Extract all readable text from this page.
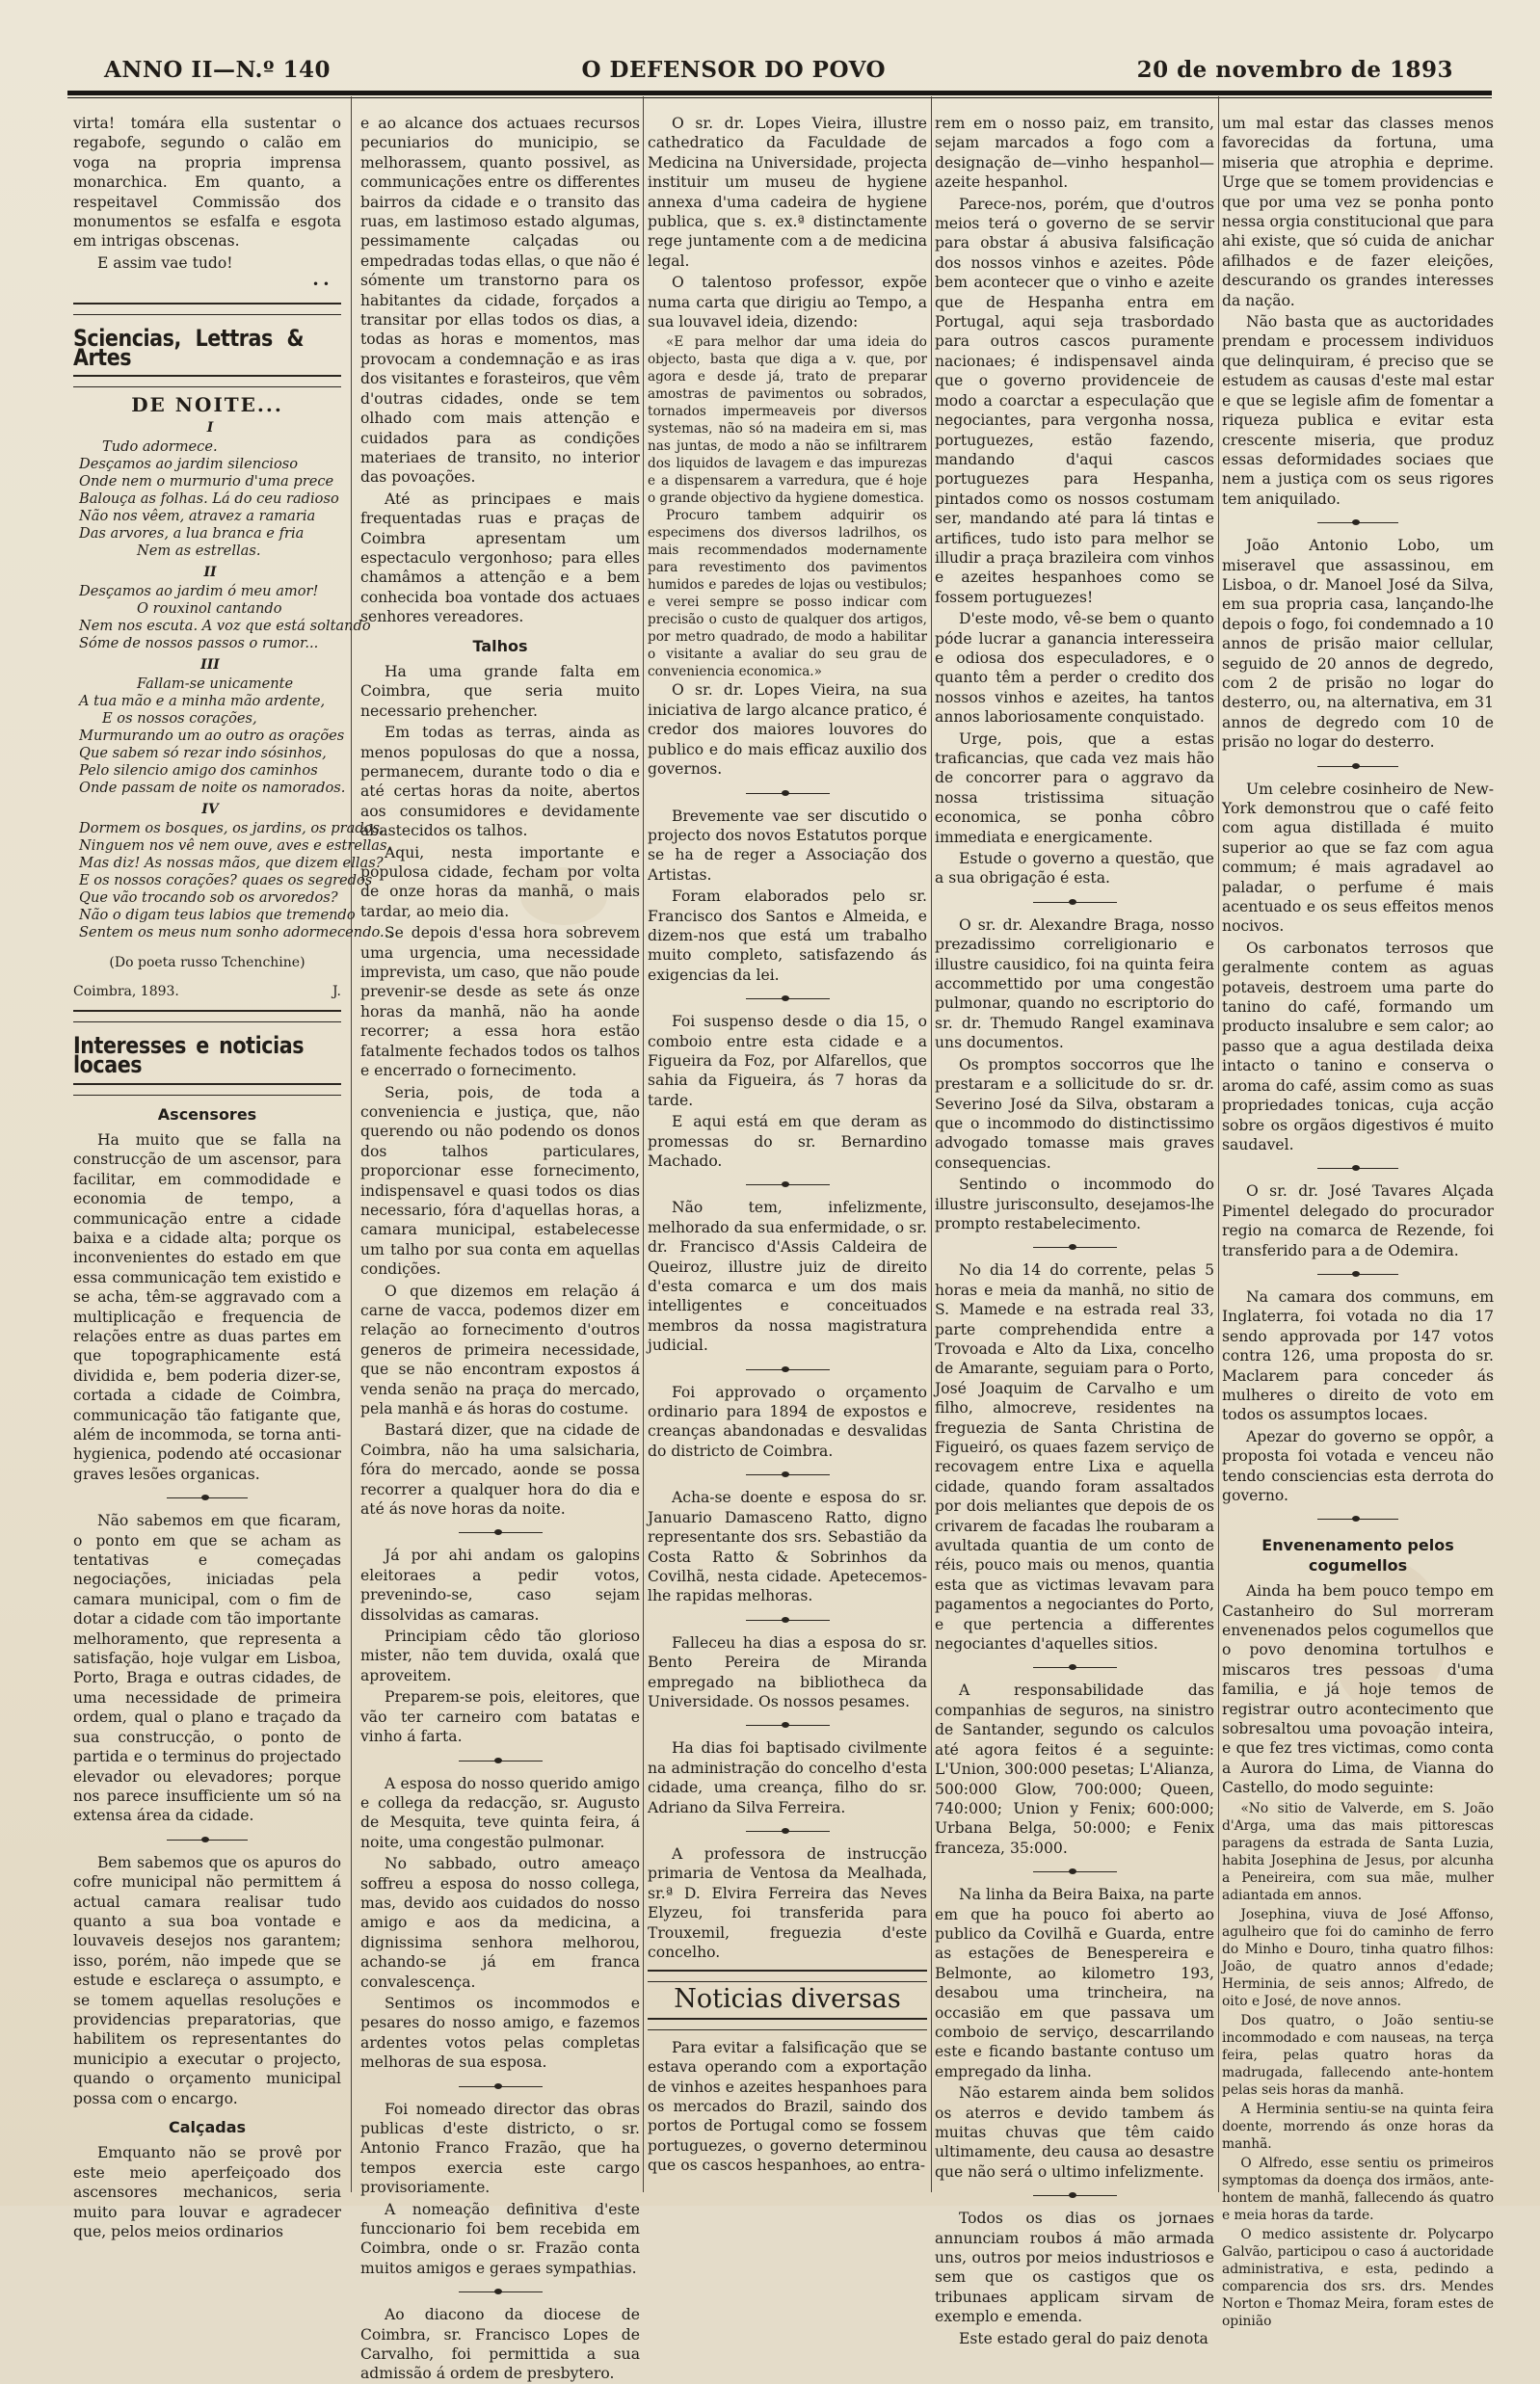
ANNO II—N.º 140	O DEFENSOR DO POVO	20 de novembro de 1893

virta! tomára ella sustentar o regabofe, segundo o calão em voga na propria imprensa monarchica. Em quanto, a respeitavel Commissão dos monumentos se esfalfa e esgota em intrigas obscenas.

E assim vae tudo!

• •
Sciencias, Lettras & Artes
DE NOITE...
I
Tudo adormece.
Desçamos ao jardim silencioso
Onde nem o murmurio d'uma prece
Balouça as folhas. Lá do ceu radioso
Não nos vêem, atravez a ramaria
Das arvores, a lua branca e fria
Nem as estrellas.
II
Desçamos ao jardim ó meu amor!
O rouxinol cantando
Nem nos escuta. A voz que está soltando
Sóme de nossos passos o rumor...
III
Fallam-se unicamente
A tua mão e a minha mão ardente,
E os nossos corações,
Murmurando um ao outro as orações
Que sabem só rezar indo sósinhos,
Pelo silencio amigo dos caminhos
Onde passam de noite os namorados.
IV
Dormem os bosques, os jardins, os prados,
Ninguem nos vê nem ouve, aves e estrellas,
Mas diz! As nossas mãos, que dizem ellas?
E os nossos corações? quaes os segredos
Que vão trocando sob os arvoredos?
Não o digam teus labios que tremendo
Sentem os meus num sonho adormecendo...
(Do poeta russo Tchenchine)
Coimbra, 1893.	J.
Interesses e noticias locaes
Ascensores

Ha muito que se falla na construcção de um ascensor, para facilitar, em commodidade e economia de tempo, a communicação entre a cidade baixa e a cidade alta; porque os inconvenientes do estado em que essa communicação tem existido e se acha, têm-se aggravado com a multiplicação e frequencia de relações entre as duas partes em que topographicamente está dividida e, bem poderia dizer-se, cortada a cidade de Coimbra, communicação tão fatigante que, além de incommoda, se torna anti-hygienica, podendo até occasionar graves lesões organicas.

Não sabemos em que ficaram, o ponto em que se acham as tentativas e começadas negociações, iniciadas pela camara municipal, com o fim de dotar a cidade com tão importante melhoramento, que representa a satisfação, hoje vulgar em Lisboa, Porto, Braga e outras cidades, de uma necessidade de primeira ordem, qual o plano e traçado da sua construcção, o ponto de partida e o terminus do projectado elevador ou elevadores; porque nos parece insufficiente um só na extensa área da cidade.

Bem sabemos que os apuros do cofre municipal não permittem á actual camara realisar tudo quanto a sua boa vontade e louvaveis desejos nos garantem; isso, porém, não impede que se estude e esclareça o assumpto, e se tomem aquellas resoluções e providencias preparatorias, que habilitem os representantes do municipio a executar o projecto, quando o orçamento municipal possa com o encargo.

Calçadas

Emquanto não se provê por este meio aperfeiçoado dos ascensores mechanicos, seria muito para louvar e agradecer que, pelos meios ordinarios

e ao alcance dos actuaes recursos pecuniarios do municipio, se melhorassem, quanto possivel, as communicações entre os differentes bairros da cidade e o transito das ruas, em lastimoso estado algumas, pessimamente calçadas ou empedradas todas ellas, o que não é sómente um transtorno para os habitantes da cidade, forçados a transitar por ellas todos os dias, a todas as horas e momentos, mas provocam a condemnação e as iras dos visitantes e forasteiros, que vêm d'outras cidades, onde se tem olhado com mais attenção e cuidados para as condições materiaes de transito, no interior das povoações.

Até as principaes e mais frequentadas ruas e praças de Coimbra apresentam um espectaculo vergonhoso; para elles chamâmos a attenção e a bem conhecida boa vontade dos actuaes senhores vereadores.

Talhos

Ha uma grande falta em Coimbra, que seria muito necessario prehencher.

Em todas as terras, ainda as menos populosas do que a nossa, permanecem, durante todo o dia e até certas horas da noite, abertos aos consumidores e devidamente abastecidos os talhos.

Aqui, nesta importante e populosa cidade, fecham por volta de onze horas da manhã, o mais tardar, ao meio dia.

Se depois d'essa hora sobrevem uma urgencia, uma necessidade imprevista, um caso, que não poude prevenir-se desde as sete ás onze horas da manhã, não ha aonde recorrer; a essa hora estão fatalmente fechados todos os talhos e encerrado o fornecimento.

Seria, pois, de toda a conveniencia e justiça, que, não querendo ou não podendo os donos dos talhos particulares, proporcionar esse fornecimento, indispensavel e quasi todos os dias necessario, fóra d'aquellas horas, a camara municipal, estabelecesse um talho por sua conta em aquellas condições.

O que dizemos em relação á carne de vacca, podemos dizer em relação ao fornecimento d'outros generos de primeira necessidade, que se não encontram expostos á venda senão na praça do mercado, pela manhã e ás horas do costume.

Bastará dizer, que na cidade de Coimbra, não ha uma salsicharia, fóra do mercado, aonde se possa recorrer a qualquer hora do dia e até ás nove horas da noite.

Já por ahi andam os galopins eleitoraes a pedir votos, prevenindo-se, caso sejam dissolvidas as camaras.

Principiam cêdo tão glorioso mister, não tem duvida, oxalá que aproveitem.

Preparem-se pois, eleitores, que vão ter carneiro com batatas e vinho á farta.

A esposa do nosso querido amigo e collega da redacção, sr. Augusto de Mesquita, teve quinta feira, á noite, uma congestão pulmonar.

No sabbado, outro ameaço soffreu a esposa do nosso collega, mas, devido aos cuidados do nosso amigo e aos da medicina, a dignissima senhora melhorou, achando-se já em franca convalescença.

Sentimos os incommodos e pesares do nosso amigo, e fazemos ardentes votos pelas completas melhoras de sua esposa.

Foi nomeado director das obras publicas d'este districto, o sr. Antonio Franco Frazão, que ha tempos exercia este cargo provisoriamente.

A nomeação definitiva d'este funccionario foi bem recebida em Coimbra, onde o sr. Frazão conta muitos amigos e geraes sympathias.

Ao diacono da diocese de Coimbra, sr. Francisco Lopes de Carvalho, foi permittida a sua admissão á ordem de presbytero.

O sr. dr. Lopes Vieira, illustre cathedratico da Faculdade de Medicina na Universidade, projecta instituir um museu de hygiene annexa d'uma cadeira de hygiene publica, que s. ex.ª distinctamente rege juntamente com a de medicina legal.

O talentoso professor, expõe numa carta que dirigiu ao Tempo, a sua louvavel ideia, dizendo:

«E para melhor dar uma ideia do objecto, basta que diga a v. que, por agora e desde já, trato de preparar amostras de pavimentos ou sobrados, tornados impermeaveis por diversos systemas, não só na madeira em si, mas nas juntas, de modo a não se infiltrarem dos liquidos de lavagem e das impurezas e a dispensarem a varredura, que é hoje o grande objectivo da hygiene domestica.

Procuro tambem adquirir os especimens dos diversos ladrilhos, os mais recommendados modernamente para revestimento dos pavimentos humidos e paredes de lojas ou vestibulos; e verei sempre se posso indicar com precisão o custo de qualquer dos artigos, por metro quadrado, de modo a habilitar o visitante a avaliar do seu grau de conveniencia economica.»

O sr. dr. Lopes Vieira, na sua iniciativa de largo alcance pratico, é credor dos maiores louvores do publico e do mais efficaz auxilio dos governos.

Brevemente vae ser discutido o projecto dos novos Estatutos porque se ha de reger a Associação dos Artistas.

Foram elaborados pelo sr. Francisco dos Santos e Almeida, e dizem-nos que está um trabalho muito completo, satisfazendo ás exigencias da lei.

Foi suspenso desde o dia 15, o comboio entre esta cidade e a Figueira da Foz, por Alfarellos, que sahia da Figueira, ás 7 horas da tarde.

E aqui está em que deram as promessas do sr. Bernardino Machado.

Não tem, infelizmente, melhorado da sua enfermidade, o sr. dr. Francisco d'Assis Caldeira de Queiroz, illustre juiz de direito d'esta comarca e um dos mais intelligentes e conceituados membros da nossa magistratura judicial.

Foi approvado o orçamento ordinario para 1894 de expostos e creanças abandonadas e desvalidas do districto de Coimbra.

Acha-se doente e esposa do sr. Januario Damasceno Ratto, digno representante dos srs. Sebastião da Costa Ratto & Sobrinhos da Covilhã, nesta cidade. Apetecemos-lhe rapidas melhoras.

Falleceu ha dias a esposa do sr. Bento Pereira de Miranda empregado na bibliotheca da Universidade. Os nossos pesames.

Ha dias foi baptisado civilmente na administração do concelho d'esta cidade, uma creança, filho do sr. Adriano da Silva Ferreira.

A professora de instrucção primaria de Ventosa da Mealhada, sr.ª D. Elvira Ferreira das Neves Elyzeu, foi transferida para Trouxemil, freguezia d'este concelho.

Noticias diversas

Para evitar a falsificação que se estava operando com a exportação de vinhos e azeites hespanhoes para os mercados do Brazil, saindo dos portos de Portugal como se fossem portuguezes, o governo determinou que os cascos hespanhoes, ao entra-

rem em o nosso paiz, em transito, sejam marcados a fogo com a designação de—vinho hespanhol—azeite hespanhol.

Parece-nos, porém, que d'outros meios terá o governo de se servir para obstar á abusiva falsificação dos nossos vinhos e azeites. Pôde bem acontecer que o vinho e azeite que de Hespanha entra em Portugal, aqui seja trasbordado para outros cascos puramente nacionaes; é indispensavel ainda que o governo providenceie de modo a coarctar a especulação que negociantes, para vergonha nossa, portuguezes, estão fazendo, mandando d'aqui cascos portuguezes para Hespanha, pintados como os nossos costumam ser, mandando até para lá tintas e artifices, tudo isto para melhor se illudir a praça brazileira com vinhos e azeites hespanhoes como se fossem portuguezes!

D'este modo, vê-se bem o quanto póde lucrar a ganancia interesseira e odiosa dos especuladores, e o quanto têm a perder o credito dos nossos vinhos e azeites, ha tantos annos laboriosamente conquistado.

Urge, pois, que a estas traficancias, que cada vez mais hão de concorrer para o aggravo da nossa tristissima situação economica, se ponha côbro immediata e energicamente.

Estude o governo a questão, que a sua obrigação é esta.

O sr. dr. Alexandre Braga, nosso prezadissimo correligionario e illustre causidico, foi na quinta feira accommettido por uma congestão pulmonar, quando no escriptorio do sr. dr. Themudo Rangel examinava uns documentos.

Os promptos soccorros que lhe prestaram e a sollicitude do sr. dr. Severino José da Silva, obstaram a que o incommodo do distinctissimo advogado tomasse mais graves consequencias.

Sentindo o incommodo do illustre jurisconsulto, desejamos-lhe prompto restabelecimento.

No dia 14 do corrente, pelas 5 horas e meia da manhã, no sitio de S. Mamede e na estrada real 33, parte comprehendida entre a Trovoada e Alto da Lixa, concelho de Amarante, seguiam para o Porto, José Joaquim de Carvalho e um filho, almocreve, residentes na freguezia de Santa Christina de Figueiró, os quaes fazem serviço de recovagem entre Lixa e aquella cidade, quando foram assaltados por dois meliantes que depois de os crivarem de facadas lhe roubaram a avultada quantia de um conto de réis, pouco mais ou menos, quantia esta que as victimas levavam para pagamentos a negociantes do Porto, e que pertencia a differentes negociantes d'aquelles sitios.

A responsabilidade das companhias de seguros, na sinistro de Santander, segundo os calculos até agora feitos é a seguinte: L'Union, 300:000 pesetas; L'Alianza, 500:000 Glow, 700:000; Queen, 740:000; Union y Fenix; 600:000; Urbana Belga, 50:000; e Fenix franceza, 35:000.

Na linha da Beira Baixa, na parte em que ha pouco foi aberto ao publico da Covilhã e Guarda, entre as estações de Benespereira e Belmonte, ao kilometro 193, desabou uma trincheira, na occasião em que passava um comboio de serviço, descarrilando este e ficando bastante contuso um empregado da linha.

Não estarem ainda bem solidos os aterros e devido tambem ás muitas chuvas que têm caido ultimamente, deu causa ao desastre que não será o ultimo infelizmente.

Todos os dias os jornaes annunciam roubos á mão armada uns, outros por meios industriosos e sem que os castigos que os tribunaes applicam sirvam de exemplo e emenda.

Este estado geral do paiz denota

um mal estar das classes menos favorecidas da fortuna, uma miseria que atrophia e deprime. Urge que se tomem providencias e que por uma vez se ponha ponto nessa orgia constitucional que para ahi existe, que só cuida de anichar afilhados e de fazer eleições, descurando os grandes interesses da nação.

Não basta que as auctoridades prendam e processem individuos que delinquiram, é preciso que se estudem as causas d'este mal estar e que se legisle afim de fomentar a riqueza publica e evitar esta crescente miseria, que produz essas deformidades sociaes que nem a justiça com os seus rigores tem aniquilado.

João Antonio Lobo, um miseravel que assassinou, em Lisboa, o dr. Manoel José da Silva, em sua propria casa, lançando-lhe depois o fogo, foi condemnado a 10 annos de prisão maior cellular, seguido de 20 annos de degredo, com 2 de prisão no logar do desterro, ou, na alternativa, em 31 annos de degredo com 10 de prisão no logar do desterro.

Um celebre cosinheiro de New-York demonstrou que o café feito com agua distillada é muito superior ao que se faz com agua commum; é mais agradavel ao paladar, o perfume é mais acentuado e os seus effeitos menos nocivos.

Os carbonatos terrosos que geralmente contem as aguas potaveis, destroem uma parte do tanino do café, formando um producto insalubre e sem calor; ao passo que a agua destilada deixa intacto o tanino e conserva o aroma do café, assim como as suas propriedades tonicas, cuja acção sobre os orgãos digestivos é muito saudavel.

O sr. dr. José Tavares Alçada Pimentel delegado do procurador regio na comarca de Rezende, foi transferido para a de Odemira.

Na camara dos communs, em Inglaterra, foi votada no dia 17 sendo approvada por 147 votos contra 126, uma proposta do sr. Maclarem para conceder ás mulheres o direito de voto em todos os assumptos locaes.

Apezar do governo se oppôr, a proposta foi votada e venceu não tendo consciencias esta derrota do governo.

Envenenamento pelos cogumellos

Ainda ha bem pouco tempo em Castanheiro do Sul morreram envenenados pelos cogumellos que o povo denomina tortulhos e miscaros tres pessoas d'uma familia, e já hoje temos de registrar outro acontecimento que sobresaltou uma povoação inteira, e que fez tres victimas, como conta a Aurora do Lima, de Vianna do Castello, do modo seguinte:

«No sitio de Valverde, em S. João d'Arga, uma das mais pittorescas paragens da estrada de Santa Luzia, habita Josephina de Jesus, por alcunha a Peneireira, com sua mãe, mulher adiantada em annos.

Josephina, viuva de José Affonso, agulheiro que foi do caminho de ferro do Minho e Douro, tinha quatro filhos: João, de quatro annos d'edade; Herminia, de seis annos; Alfredo, de oito e José, de nove annos.

Dos quatro, o João sentiu-se incommodado e com nauseas, na terça feira, pelas quatro horas da madrugada, fallecendo ante-hontem pelas seis horas da manhã.

A Herminia sentiu-se na quinta feira doente, morrendo ás onze horas da manhã.

O Alfredo, esse sentiu os primeiros symptomas da doença dos irmãos, ante-hontem de manhã, fallecendo ás quatro e meia horas da tarde.

O medico assistente dr. Polycarpo Galvão, participou o caso á auctoridade administrativa, e esta, pedindo a comparencia dos srs. drs. Mendes Norton e Thomaz Meira, foram estes de opinião
